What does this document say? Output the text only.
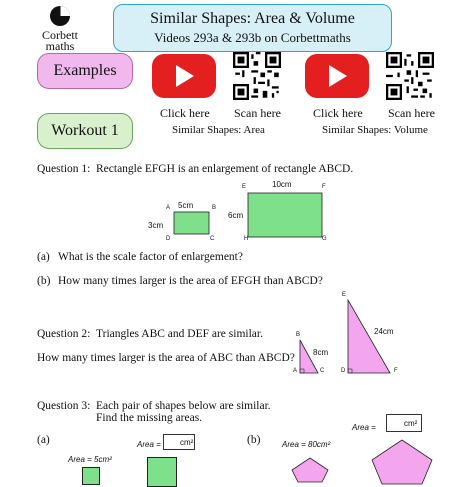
Corbett
maths
Similar Shapes: Area & Volume
Videos 293a & 293b on Corbettmaths
Examples
Workout 1
Click here Scan here
Similar Shapes: Area
Click here Scan here
Similar Shapes: Volume
Question 1: Rectangle EFGH is an enlargement of rectangle ABCD.
5cm
3cm
A	B
D	C
10cm
6cm
E	F
H	G
(a) What is the scale factor of enlargement?
(b) How many times larger is the area of EFGH than ABCD?
Question 2: Triangles ABC and DEF are similar.
How many times larger is the area of ABC than ABCD?
B
A	C
8cm
E
D	F
24cm
Question 3: Each pair of shapes below are similar.
Find the missing areas.
(a)	Area = cm²
Area = 5cm²
(b)
Area =	cm²
Area = 80cm²
